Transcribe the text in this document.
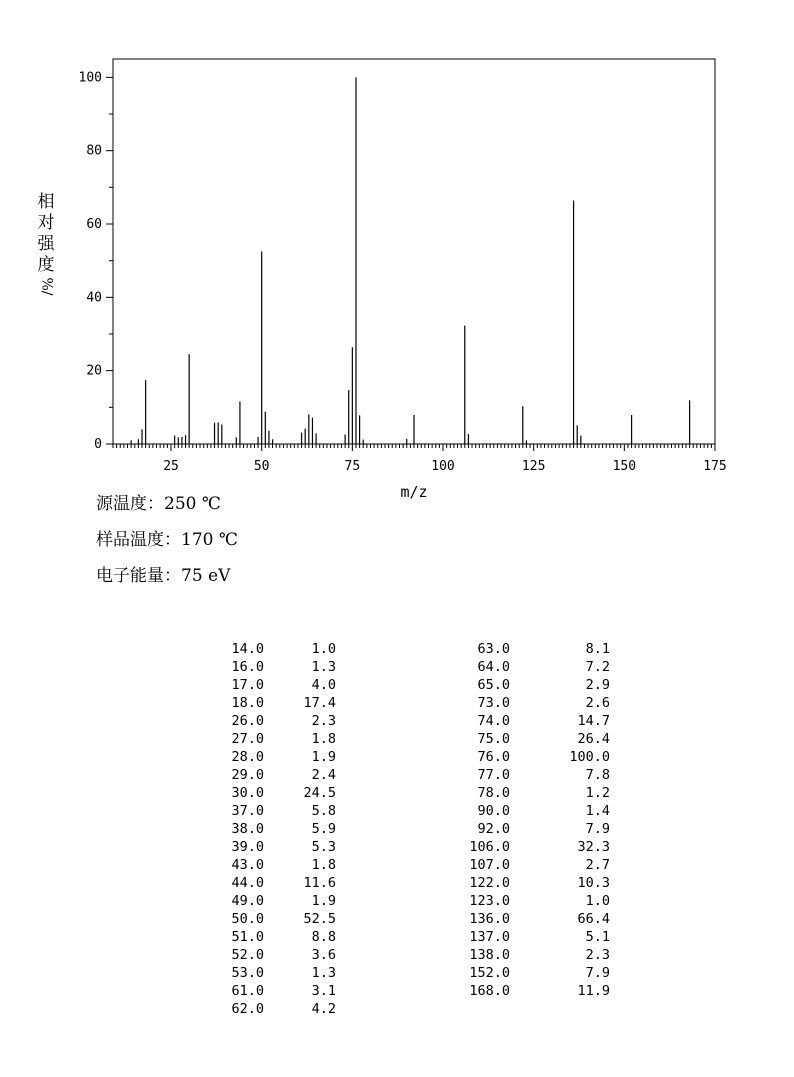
25	50	75	100	125	150	175
0
20
40
60
80
100
m/z
相
对
强
度
%/
源温度：250 ℃
样品温度：170 ℃
电子能量：75 eV
14.0	1.0
16.0	1.3
17.0	4.0
18.0	17.4
26.0	2.3
27.0	1.8
28.0	1.9
29.0	2.4
30.0	24.5
37.0	5.8
38.0	5.9
39.0	5.3
43.0	1.8
44.0	11.6
49.0	1.9
50.0	52.5
51.0	8.8
52.0	3.6
53.0	1.3
61.0	3.1
62.0	4.2
63.0	8.1
64.0	7.2
65.0	2.9
73.0	2.6
74.0	14.7
75.0	26.4
76.0	100.0
77.0	7.8
78.0	1.2
90.0	1.4
92.0	7.9
106.0	32.3
107.0	2.7
122.0	10.3
123.0	1.0
136.0	66.4
137.0	5.1
138.0	2.3
152.0	7.9
168.0	11.9
